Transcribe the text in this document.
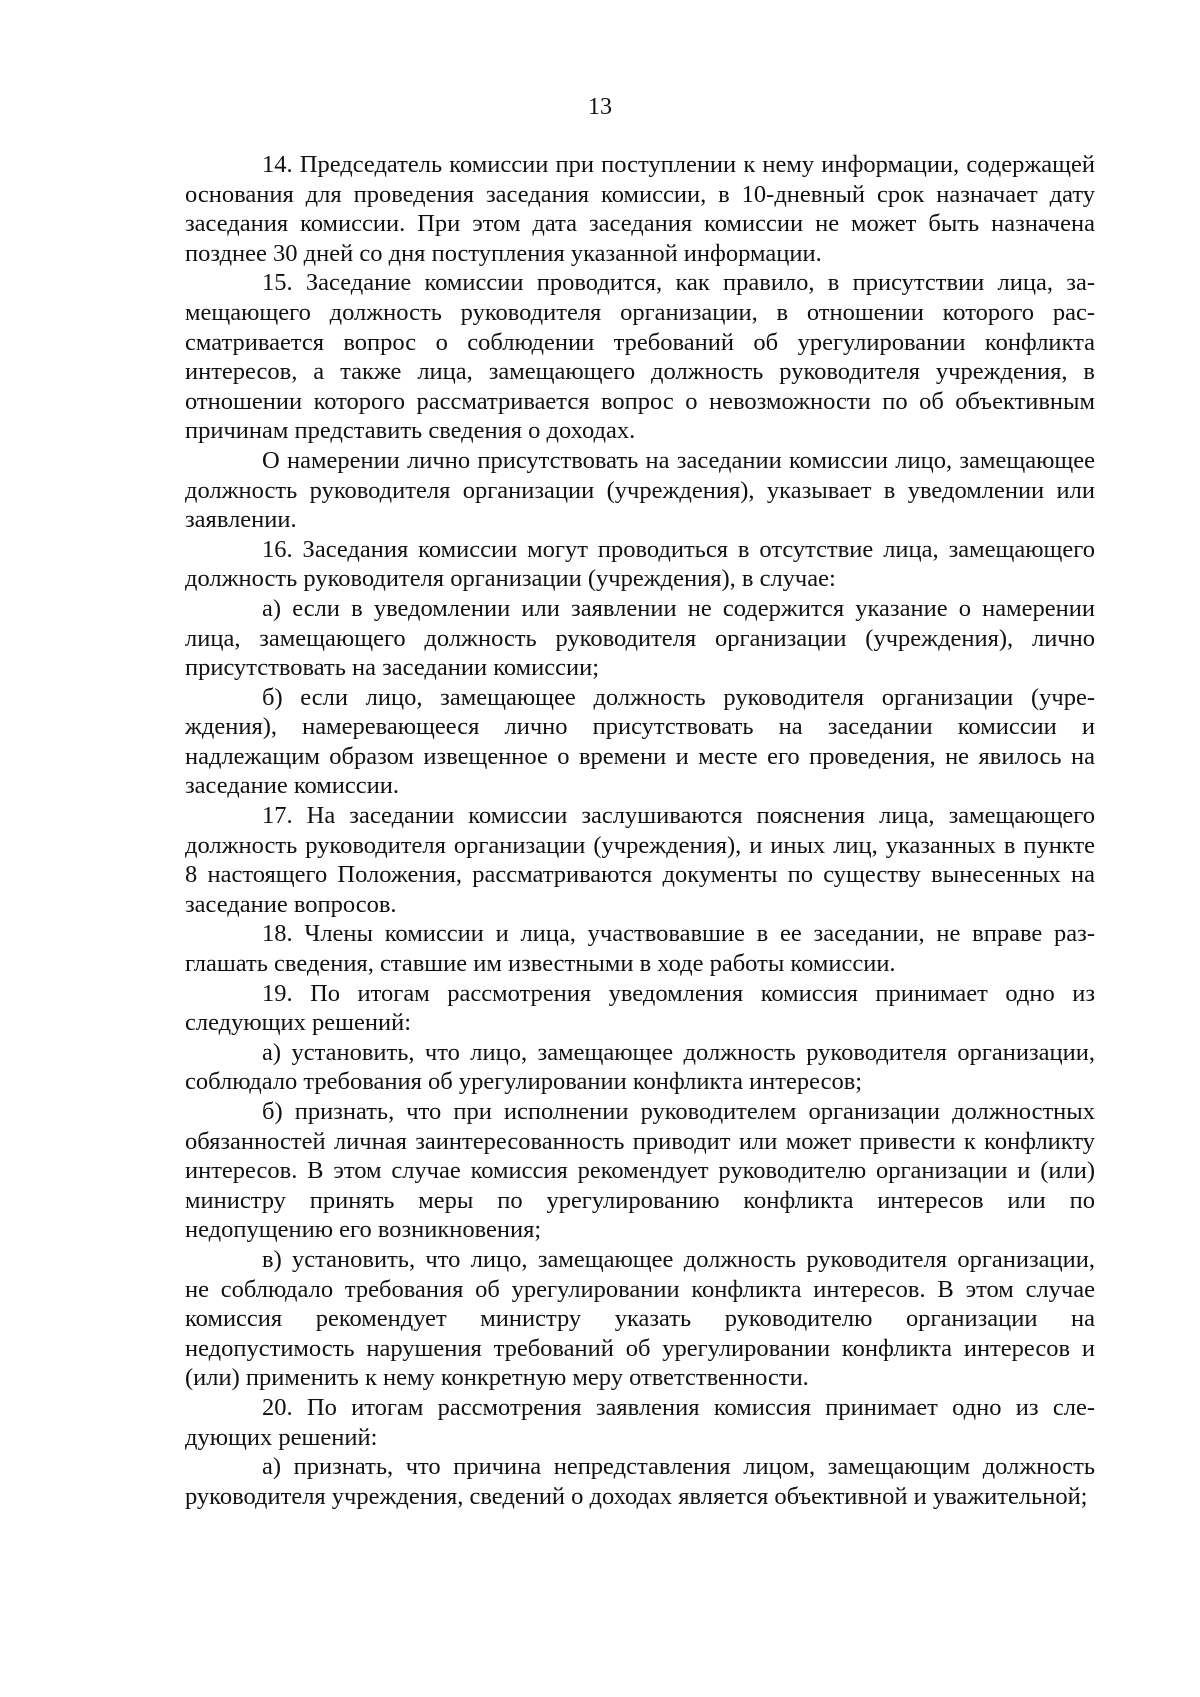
13

14. Председатель комиссии при поступлении к нему информации, содержащей основания для проведения заседания комиссии, в 10-дневный срок назначает дату заседания комиссии. При этом дата заседания комиссии не может быть назначена позднее 30 дней со дня поступления указанной информации.

15. Заседание комиссии проводится, как правило, в присутствии лица, замещающего должность руководителя организации, в отношении которого рассматривается вопрос о соблюдении требований об урегулировании конфликта интересов, а также лица, замещающего должность руководителя учреждения, в отношении которого рассматривается вопрос о невозможности по об объективным причинам представить сведения о доходах.

О намерении лично присутствовать на заседании комиссии лицо, замещающее должность руководителя организации (учреждения), указывает в уведомлении или заявлении.

16. Заседания комиссии могут проводиться в отсутствие лица, замещающего должность руководителя организации (учреждения), в случае:

а) если в уведомлении или заявлении не содержится указание о намерении лица, замещающего должность руководителя организации (учреждения), лично присутствовать на заседании комиссии;

б) если лицо, замещающее должность руководителя организации (учреждения), намеревающееся лично присутствовать на заседании комиссии и надлежащим образом извещенное о времени и месте его проведения, не явилось на заседание комиссии.

17. На заседании комиссии заслушиваются пояснения лица, замещающего должность руководителя организации (учреждения), и иных лиц, указанных в пункте 8 настоящего Положения, рассматриваются документы по существу вынесенных на заседание вопросов.

18. Члены комиссии и лица, участвовавшие в ее заседании, не вправе разглашать сведения, ставшие им известными в ходе работы комиссии.

19. По итогам рассмотрения уведомления комиссия принимает одно из следующих решений:

а) установить, что лицо, замещающее должность руководителя организации, соблюдало требования об урегулировании конфликта интересов;

б) признать, что при исполнении руководителем организации должностных обязанностей личная заинтересованность приводит или может привести к конфликту интересов. В этом случае комиссия рекомендует руководителю организации и (или) министру принять меры по урегулированию конфликта интересов или по недопущению его возникновения;

в) установить, что лицо, замещающее должность руководителя организации, не соблюдало требования об урегулировании конфликта интересов. В этом случае комиссия рекомендует министру указать руководителю организации на недопустимость нарушения требований об урегулировании конфликта интересов и (или) применить к нему конкретную меру ответственности.

20. По итогам рассмотрения заявления комиссия принимает одно из следующих решений:

а) признать, что причина непредставления лицом, замещающим должность руководителя учреждения, сведений о доходах является объективной и уважительной;
